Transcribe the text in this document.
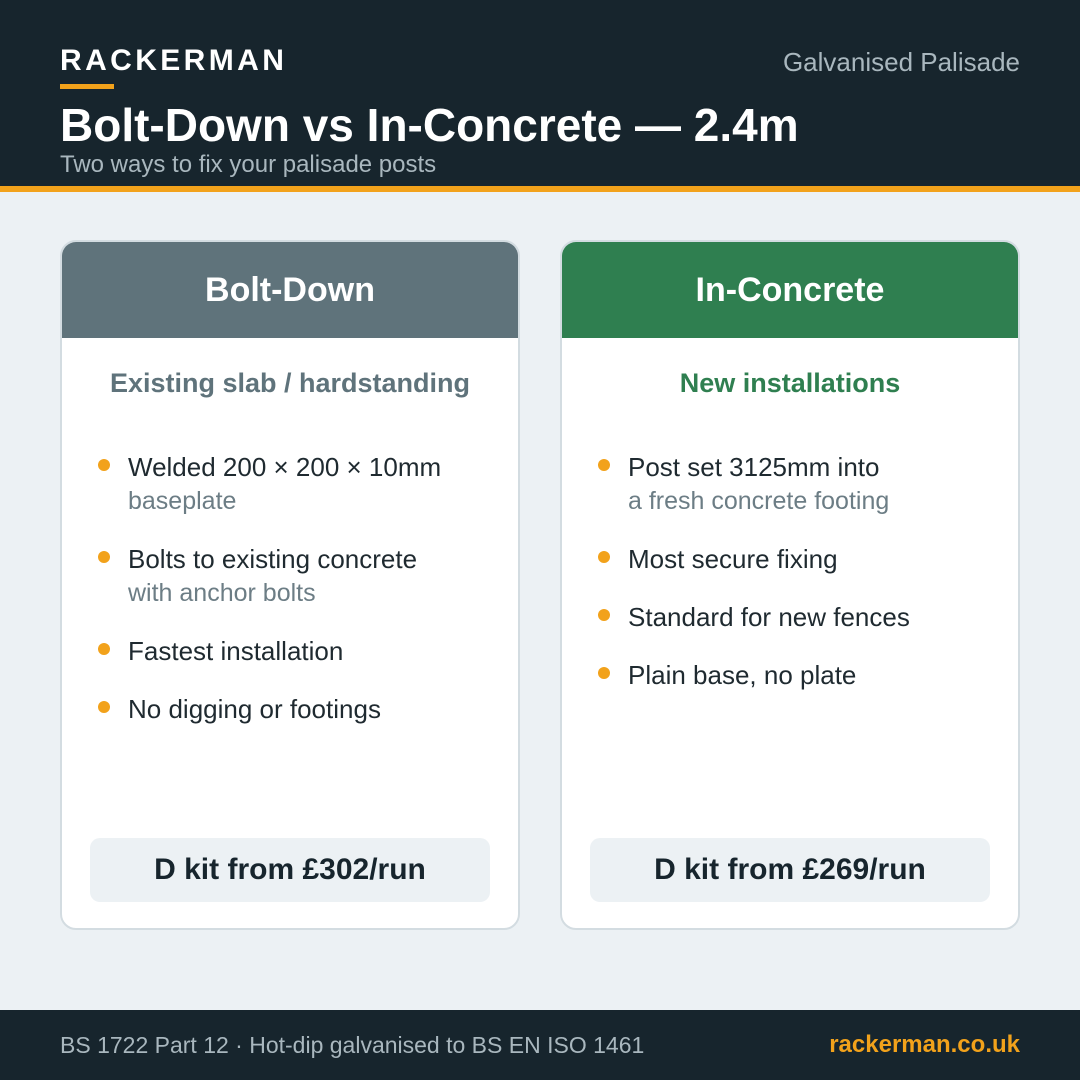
RACKERMAN	Galvanised Palisade
Bolt-Down vs In-Concrete — 2.4m
Two ways to fix your palisade posts
Bolt-Down
Existing slab / hardstanding
Welded 200 × 200 × 10mm
baseplate
Bolts to existing concrete
with anchor bolts
Fastest installation
No digging or footings
D kit from £302/run
In-Concrete
New installations
Post set 3125mm into
a fresh concrete footing
Most secure fixing
Standard for new fences
Plain base, no plate
D kit from £269/run
BS 1722 Part 12 · Hot-dip galvanised to BS EN ISO 1461	rackerman.co.uk
